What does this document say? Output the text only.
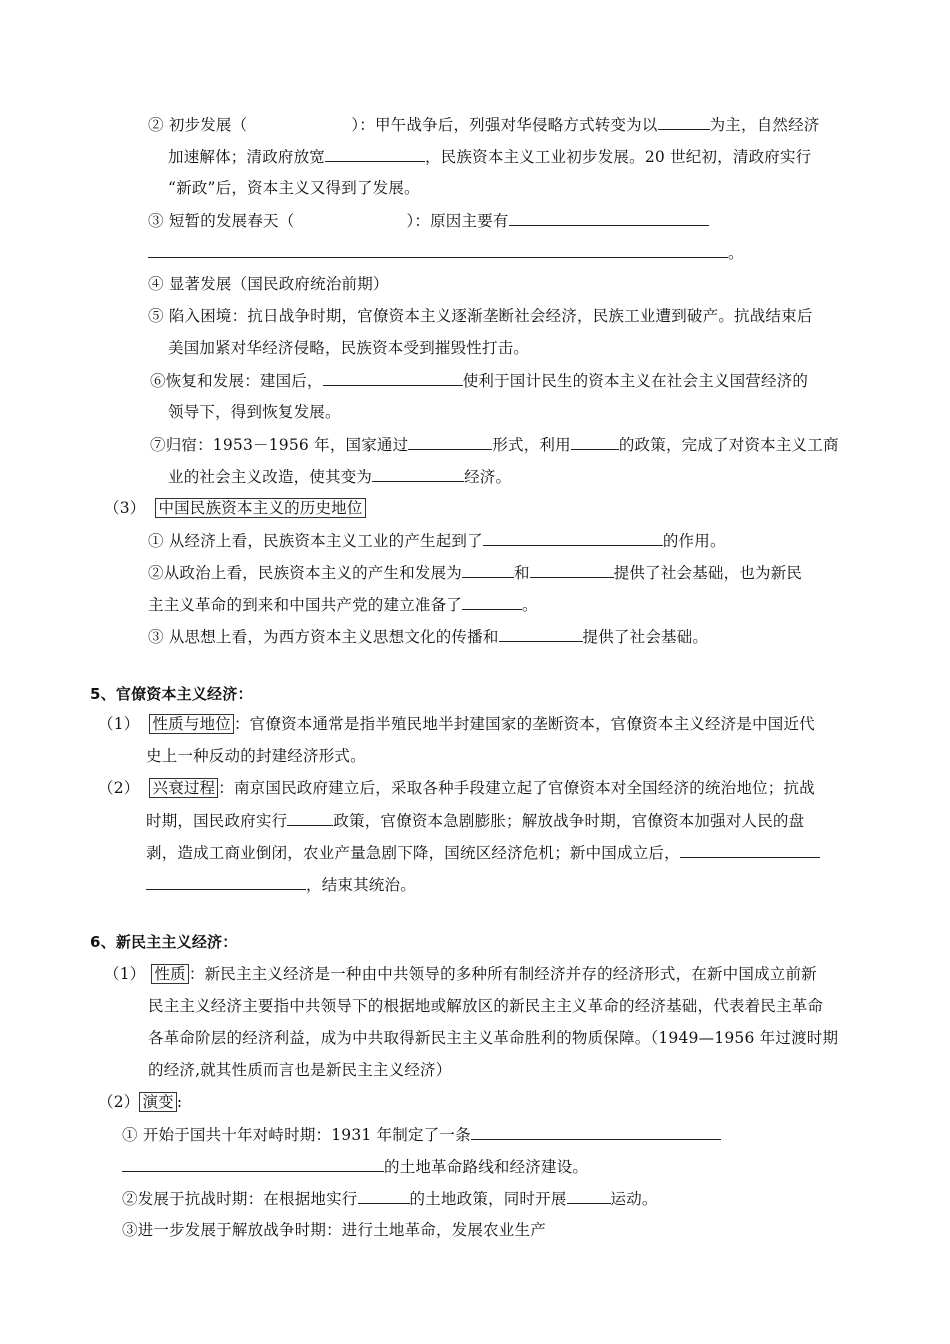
② 初步发展（	）：甲午战争后，列强对华侵略方式转变为以	为主，自然经济
加速解体；清政府放宽	，民族资本主义工业初步发展。20 世纪初，清政府实行
“新政”后，资本主义又得到了发展。
③ 短暂的发展春天（	）：原因主要有
。
④ 显著发展（国民政府统治前期）
⑤ 陷入困境：抗日战争时期，官僚资本主义逐渐垄断社会经济，民族工业遭到破产。抗战结束后
美国加紧对华经济侵略，民族资本受到摧毁性打击。
⑥恢复和发展：建国后，	使利于国计民生的资本主义在社会主义国营经济的
领导下，得到恢复发展。
⑦归宿：1953－1956 年，国家通过	形式，利用	的政策，完成了对资本主义工商
业的社会主义改造，使其变为	经济。
（3） 中国民族资本主义的历史地位
① 从经济上看，民族资本主义工业的产生起到了	的作用。
②从政治上看，民族资本主义的产生和发展为	和	提供了社会基础，也为新民
主主义革命的到来和中国共产党的建立准备了	。
③ 从思想上看，为西方资本主义思想文化的传播和	提供了社会基础。
5、官僚资本主义经济：
（1） 性质与地位 ：官僚资本通常是指半殖民地半封建国家的垄断资本，官僚资本主义经济是中国近代
史上一种反动的封建经济形式。
（2） 兴衰过程 ：南京国民政府建立后，采取各种手段建立起了官僚资本对全国经济的统治地位；抗战
时期，国民政府实行	政策，官僚资本急剧膨胀；解放战争时期，官僚资本加强对人民的盘
剥，造成工商业倒闭，农业产量急剧下降，国统区经济危机；新中国成立后，
，结束其统治。
6、新民主主义经济：
（1） 性质 ：新民主主义经济是一种由中共领导的多种所有制经济并存的经济形式，在新中国成立前新
民主主义经济主要指中共领导下的根据地或解放区的新民主主义革命的经济基础，代表着民主革命
各革命阶层的经济利益，成为中共取得新民主主义革命胜利的物质保障。（1949—1956 年过渡时期
的经济,就其性质而言也是新民主主义经济）
（2） 演变 :
① 开始于国共十年对峙时期：1931 年制定了一条
的土地革命路线和经济建设。
②发展于抗战时期：在根据地实行	的土地政策，同时开展	运动。
③进一步发展于解放战争时期：进行土地革命，发展农业生产
